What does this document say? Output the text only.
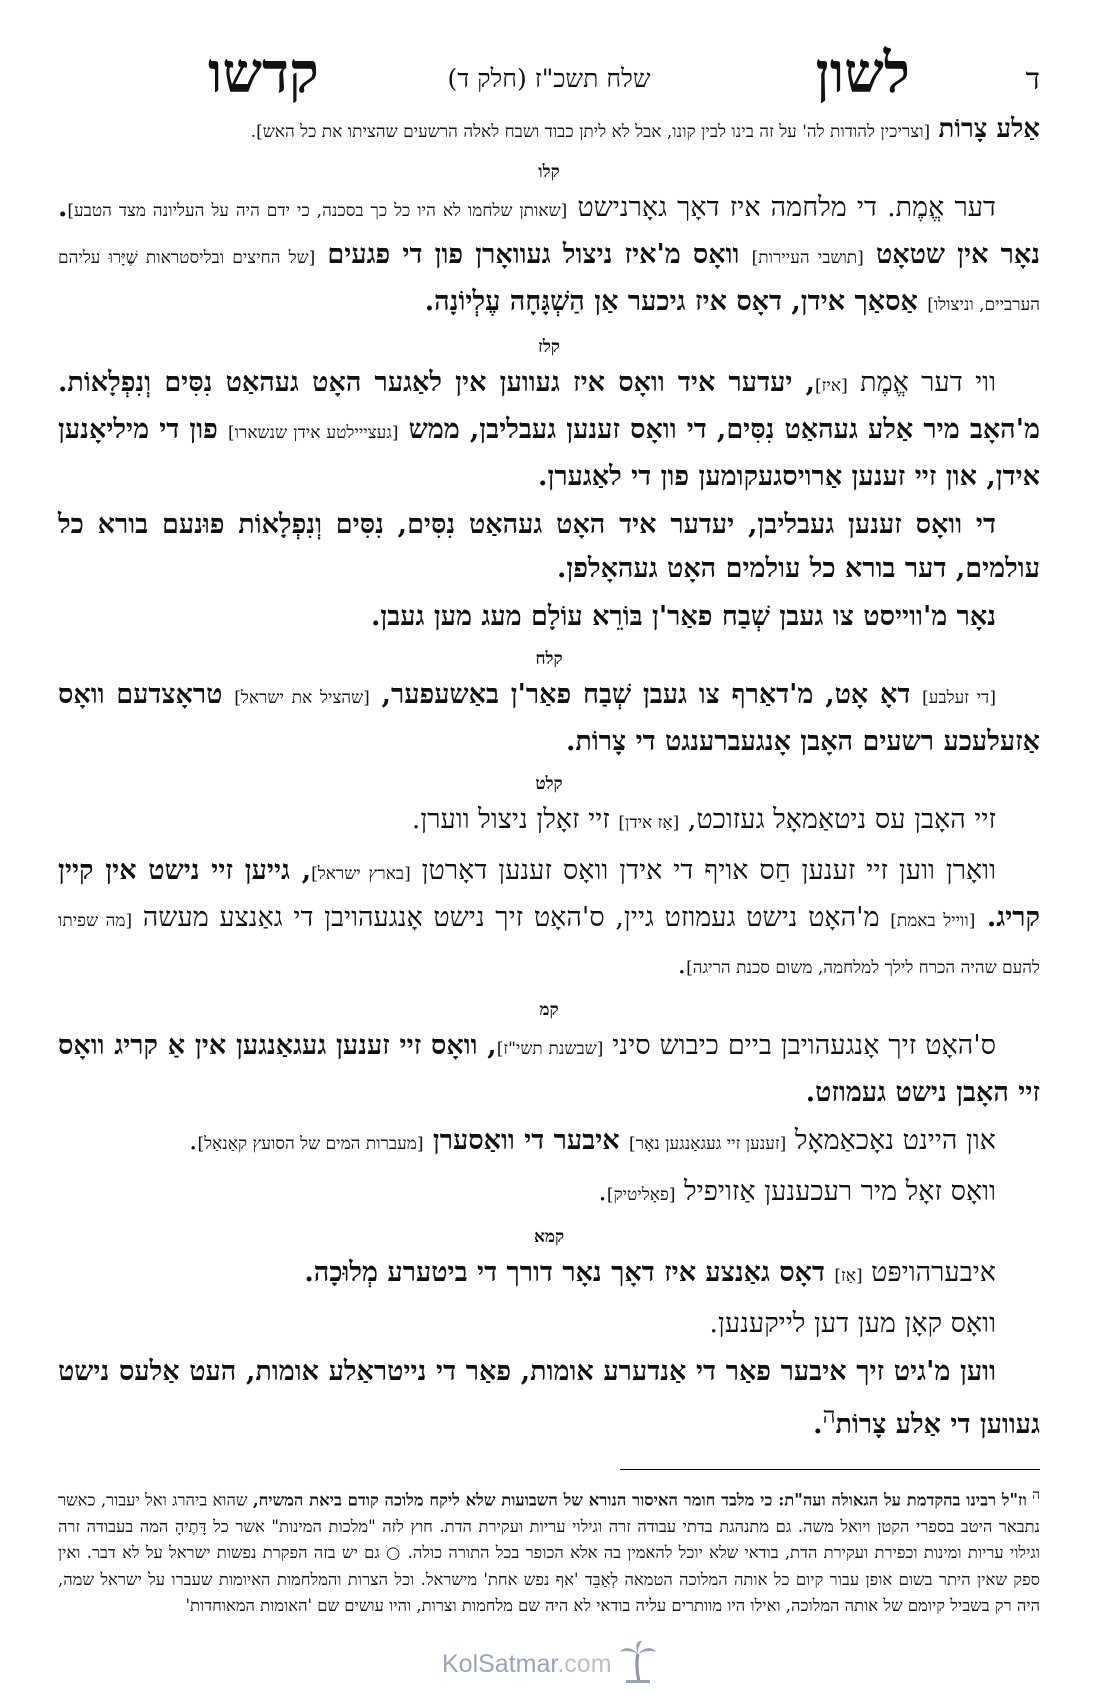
ד
לשון
שלח תשכ"ז (חלק ד)
קדשו

אַלע צָרוֹת [וצריכין להודות לה' על זה בינו לבין קונו, אבל לא ליתן כבוד ושבח לאלה הרשעים שהציתו את כל האש].

קלו

דער אֱמֶת. די מלחמה איז דאָך גאָרנישט [שאותן שלחמו לא היו כל כך בסכנה, כי ידם היה על העליונה מצד הטבע]. נאָר אין שטאָט [תושבי העיירות] וואָס מ'איז ניצול געוואָרן פון די פגעים [של החיצים ובליסטראות שֶׁיָּרוּ עליהם הערביים, וניצולו] אַסאַך אידן, דאָס איז גיכער אַן הַשְׁגָּחָה עֶלְיוֹנָה.

קלז

ווי דער אֱמֶת [איז], יעדער איד וואָס איז געווען אין לאַגער האָט געהאַט נִסִּים וְנִפְלָאוֹת. מ'האָב מיר אַלע געהאַט נִסִּים, די וואָס זענען געבליבן, ממש [געצייילטע אידן שנשארו] פון די מיליאָנען אידן, און זיי זענען אַרויסגעקומען פון די לאַגערן.

די וואָס זענען געבליבן, יעדער איד האָט געהאַט נִסִּים, נִסִּים וְנִפְלָאוֹת פוּנעם בורא כל עולמים, דער בורא כל עולמים האָט געהאָלפן.

נאָר מ'ווייסט צו געבן שְׁבַח פאַר'ן בּוֹרֵא עוֹלָם מעג מען געבן.

קלח

[די זעלבע] דאָ אָט, מ'דאַרף צו געבן שְׁבַח פאַר'ן באַשעפער, [שהציל את ישראל] טראָצדעם וואָס אַזעלעכע רשעים האָבן אָנגעברענגט די צָרוֹת.

קלט

זיי האָבן עס ניטאַמאָל געזוכט, [אַז אידן] זיי זאָלן ניצול ווערן.

וואָרן ווען זיי זענען חַס אויף די אידן וואָס זענען דאָרטן [בארץ ישראל], גייען זיי נישט אין קיין קריג. [ווייל באמת] מ'האָט נישט געמוזט גיין, ס'האָט זיך נישט אָנגעהויבן די גאַנצע מעשה [מה שפיתו להעם שהיה הכרח לילך למלחמה, משום סכנת הריגה].

קמ

ס'האָט זיך אָנגעהויבן ביים כיבוש סיני [שבשנת תשי"ז], וואָס זיי זענען געגאַנגען אין אַ קריג וואָס זיי האָבן נישט געמוזט.

און היינט נאָכאַמאָל [זענען זיי געגאַנגען נאָר] איבער די וואַסערן [מעברות המים של הסועץ קאַנאַל].

וואָס זאָל מיר רעכענען אַזויפיל [פאָליטיק].

קמא

איבערהויפּט [אַז] דאָס גאַנצע איז דאָך נאָר דורך די ביטערע מְלוּכָה.

וואָס קאָן מען דען לייקענען.

ווען מ'גיט זיך איבער פאַר די אַנדערע אומות, פאַר די נייטראַלע אומות, העט אַלעס נישט געווען די אַלע צָרוֹת$^ה$.

$^ה$ וז"ל רבינו בהקדמת על הגאולה ועה"ת: כי מלבד חומר האיסור הנורא של השבועות שלא ליקח מלוכה קודם ביאת המשיח, שהוא ביהרג ואל יעבור, כאשר נתבאר היטב בספרי הקטן ויואל משה. גם מתנהגת בדתי עבודה זרה וגילוי עריות ועקירת הדת. חוץ לזה "מלכות המינות" אשר כל דָּתֶיהָ המה בעבודה זרה וגילוי עריות ומינות וכפירת ועקירת הדת, בודאי שלא יוכל להאמין בה אלא הכופר בכל התורה כולה. ○ גם יש בזה הפקרת נפשות ישראל על לא דבר. ואין ספק שאין היתר בשום אופן עבור קיום כל אותה המלוכה הטמאה לְאַבֵּד 'אף נפש אחת' מישראל. וכל הצרות והמלחמות האיומות שעברו על ישראל שמה, היה רק בשביל קיומם של אותה המלוכה, ואילו היו מוותרים עליה בודאי לא היה שם מלחמות וצרות, והיו עושים שם 'האומות המאוחדות'

KolSatmar.com
